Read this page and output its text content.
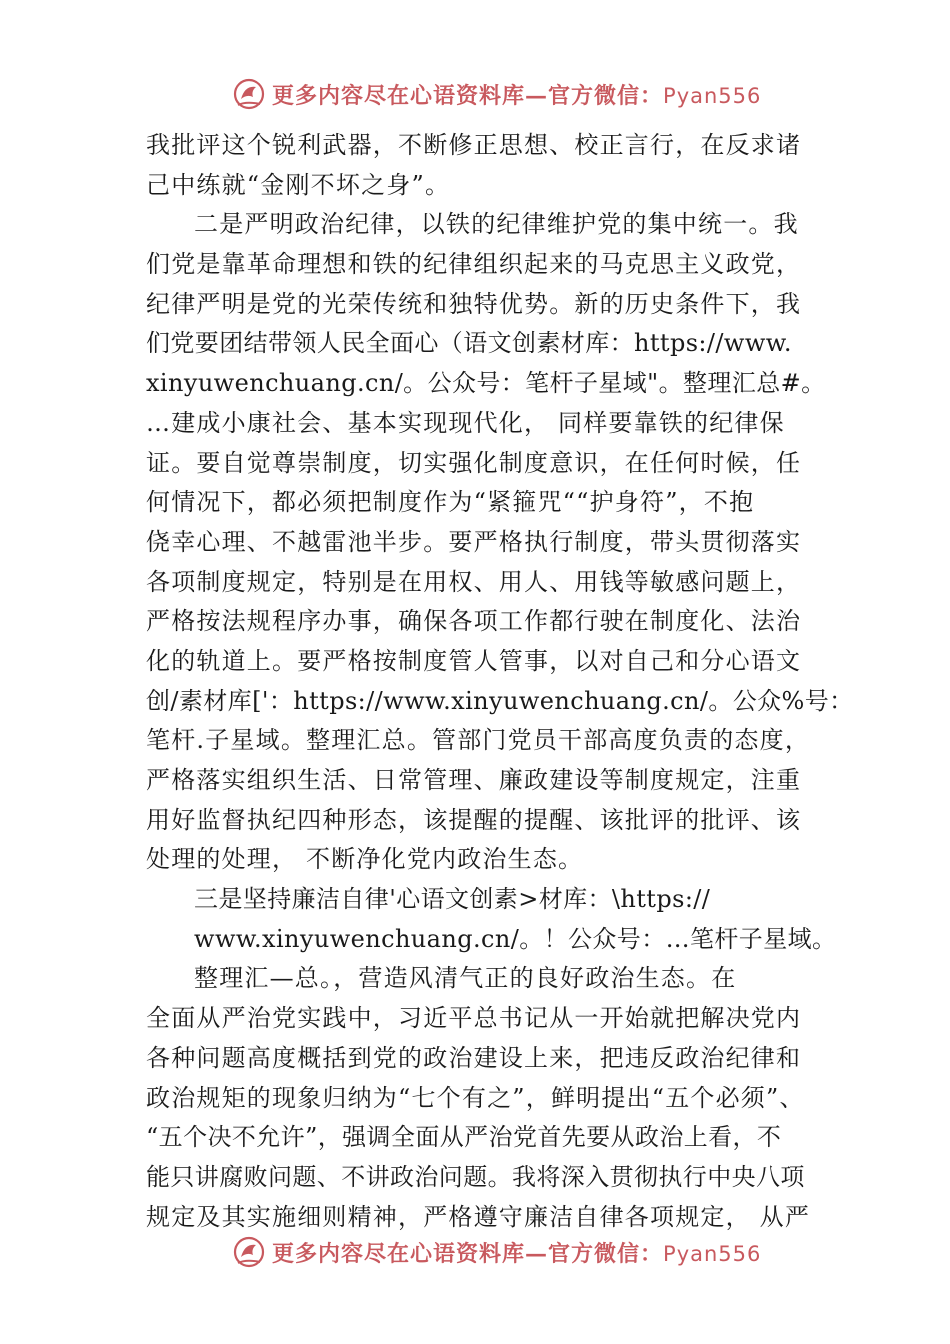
更多内容尽在心语资料库—官方微信：Pyan556
我批评这个锐利武器，不断修正思想、校正言行，在反求诸
己中练就“金刚不坏之身”。
二是严明政治纪律，以铁的纪律维护党的集中统一。我
们党是靠革命理想和铁的纪律组织起来的马克思主义政党，
纪律严明是党的光荣传统和独特优势。新的历史条件下，我
们党要团结带领人民全面心（语文创素材库：https://www.
xinyuwenchuang.cn/。公众号：笔杆子星域"。整理汇总#。
…建成小康社会、基本实现现代化， 同样要靠铁的纪律保
证。要自觉尊崇制度，切实强化制度意识，在任何时候，任
何情况下，都必须把制度作为“紧箍咒““护身符”，不抱
侥幸心理、不越雷池半步。要严格执行制度，带头贯彻落实
各项制度规定，特别是在用权、用人、用钱等敏感问题上，
严格按法规程序办事，确保各项工作都行驶在制度化、法治
化的轨道上。要严格按制度管人管事，以对自己和分心语文
创/素材库['：https://www.xinyuwenchuang.cn/。公众%号：
笔杆.子星域。整理汇总。管部门党员干部高度负责的态度，
严格落实组织生活、日常管理、廉政建设等制度规定，注重
用好监督执纪四种形态，该提醒的提醒、该批评的批评、该
处理的处理， 不断净化党内政治生态。
三是坚持廉洁自律'心语文创素>材库：\https://
www.xinyuwenchuang.cn/。！公众号：…笔杆子星域。
整理汇—总。，营造风清气正的良好政治生态。在
全面从严治党实践中，习近平总书记从一开始就把解决党内
各种问题高度概括到党的政治建设上来，把违反政治纪律和
政治规矩的现象归纳为“七个有之”，鲜明提出“五个必须”、
“五个决不允许”，强调全面从严治党首先要从政治上看，不
能只讲腐败问题、不讲政治问题。我将深入贯彻执行中央八项
规定及其实施细则精神，严格遵守廉洁自律各项规定， 从严
更多内容尽在心语资料库—官方微信：Pyan556
